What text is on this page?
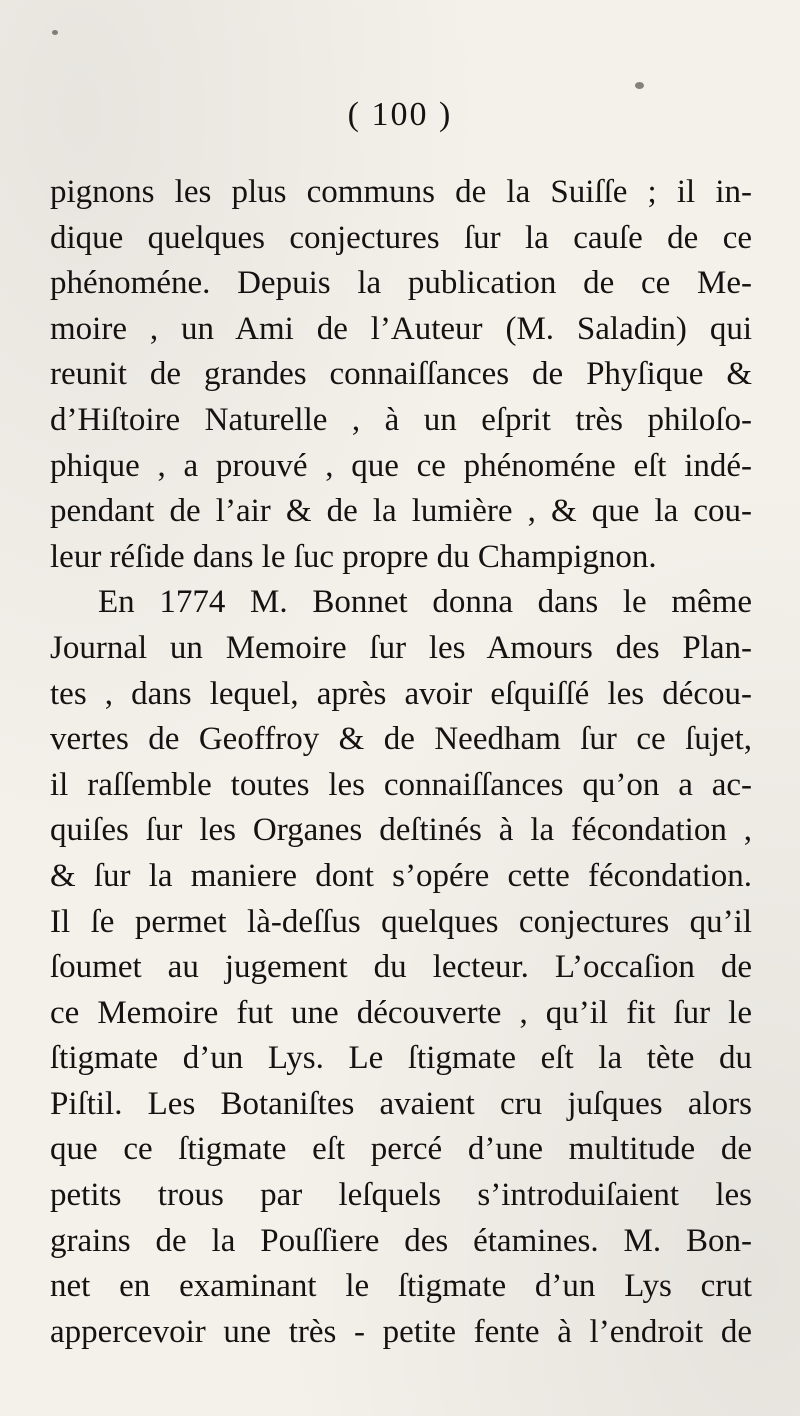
( 100 )
pignons les plus communs de la Suiſſe ; il in-
dique quelques conjectures ſur la cauſe de ce
phénoméne. Depuis la publication de ce Me-
moire , un Ami de l’Auteur (M. Saladin) qui
reunit de grandes connaiſſances de Phyſique &
d’Hiſtoire Naturelle , à un eſprit très philoſo-
phique , a prouvé , que ce phénoméne eſt indé-
pendant de l’air & de la lumière , & que la cou-
leur réſide dans le ſuc propre du Champignon.
En 1774 M. Bonnet donna dans le même
Journal un Memoire ſur les Amours des Plan-
tes , dans lequel, après avoir eſquiſſé les décou-
vertes de Geoffroy & de Needham ſur ce ſujet,
il raſſemble toutes les connaiſſances qu’on a ac-
quiſes ſur les Organes deſtinés à la fécondation ,
& ſur la maniere dont s’opére cette fécondation.
Il ſe permet là-deſſus quelques conjectures qu’il
ſoumet au jugement du lecteur. L’occaſion de
ce Memoire fut une découverte , qu’il fit ſur le
ſtigmate d’un Lys. Le ſtigmate eſt la tète du
Piſtil. Les Botaniſtes avaient cru juſques alors
que ce ſtigmate eſt percé d’une multitude de
petits trous par leſquels s’introduiſaient les
grains de la Pouſſiere des étamines. M. Bon-
net en examinant le ſtigmate d’un Lys crut
appercevoir une très - petite fente à l’endroit de
